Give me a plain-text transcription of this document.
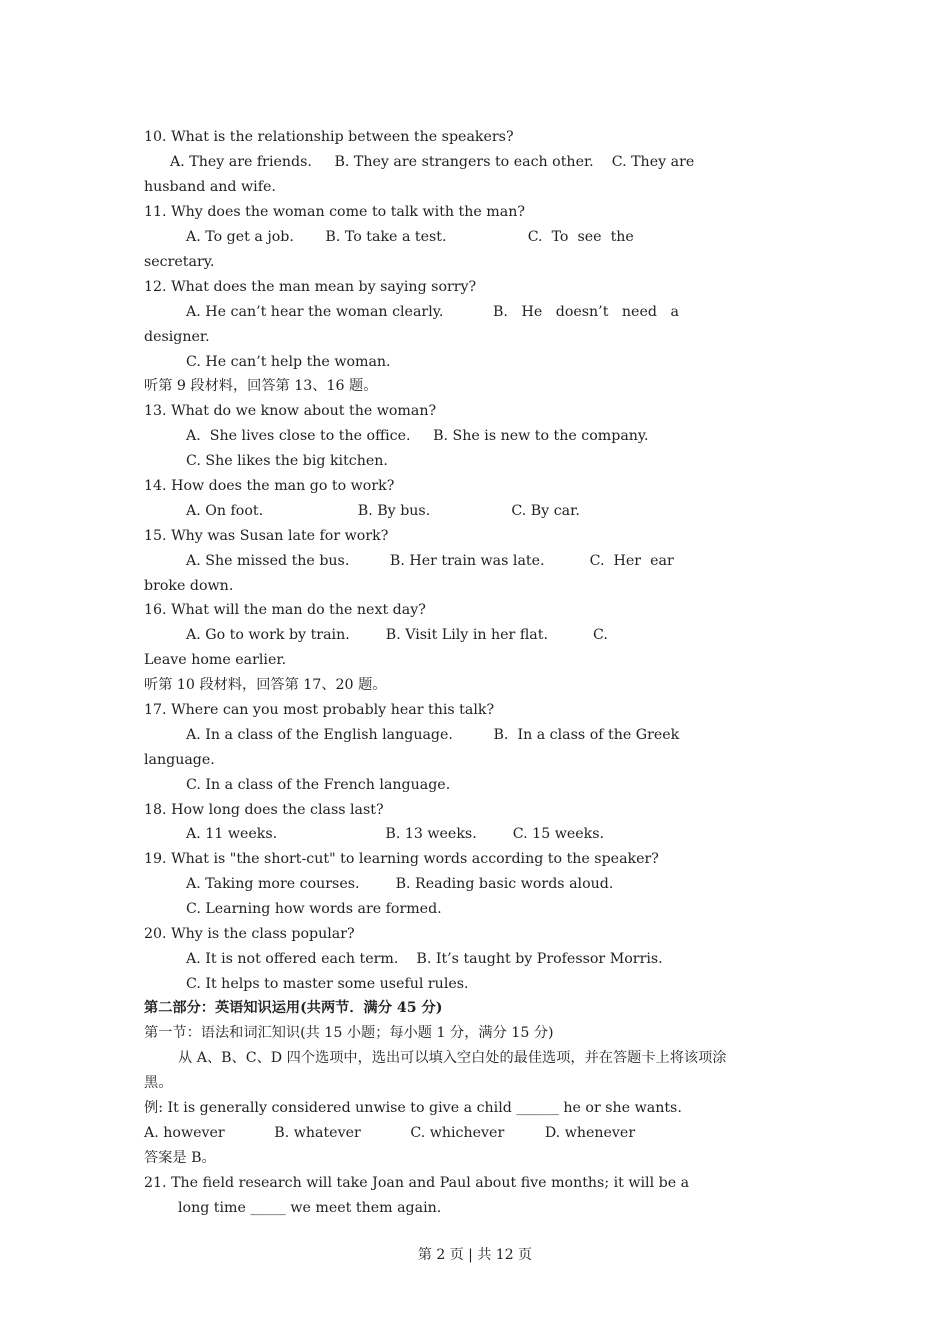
10. What is the relationship between the speakers?
A. They are friends.     B. They are strangers to each other.    C. They are
husband and wife.
11. Why does the woman come to talk with the man?
A. To get a job.       B. To take a test.                  C.  To  see  the
secretary.
12. What does the man mean by saying sorry?
A. He can’t hear the woman clearly.           B.   He   doesn’t   need   a
designer.
C. He can’t help the woman.
听第 9 段材料，回答第 13、16 题。
13. What do we know about the woman?
A.  She lives close to the office.     B. She is new to the company.
C. She likes the big kitchen.
14. How does the man go to work?
A. On foot.                     B. By bus.                  C. By car.
15. Why was Susan late for work?
A. She missed the bus.         B. Her train was late.          C.  Her  ear
broke down.
16. What will the man do the next day?
A. Go to work by train.        B. Visit Lily in her flat.          C.
Leave home earlier.
听第 10 段材料，回答第 17、20 题。
17. Where can you most probably hear this talk?
A. In a class of the English language.         B.  In a class of the Greek
language.
C. In a class of the French language.
18. How long does the class last?
A. 11 weeks.                        B. 13 weeks.        C. 15 weeks.
19. What is "the short-cut" to learning words according to the speaker?
A. Taking more courses.        B. Reading basic words aloud.
C. Learning how words are formed.
20. Why is the class popular?
A. It is not offered each term.    B. It’s taught by Professor Morris.
C. It helps to master some useful rules.
第二部分：英语知识运用(共两节．满分 45 分)
第一节：语法和词汇知识(共 15 小题；每小题 1 分，满分 15 分)
从 A、B、C、D 四个选项中，选出可以填入空白处的最佳选项，并在答题卡上将该项涂
黑。
例: It is generally considered unwise to give a child ______ he or she wants.
A. however           B. whatever           C. whichever         D. whenever
答案是 B。
21. The field research will take Joan and Paul about five months; it will be a
long time _____ we meet them again.
第 2 页 | 共 12 页
